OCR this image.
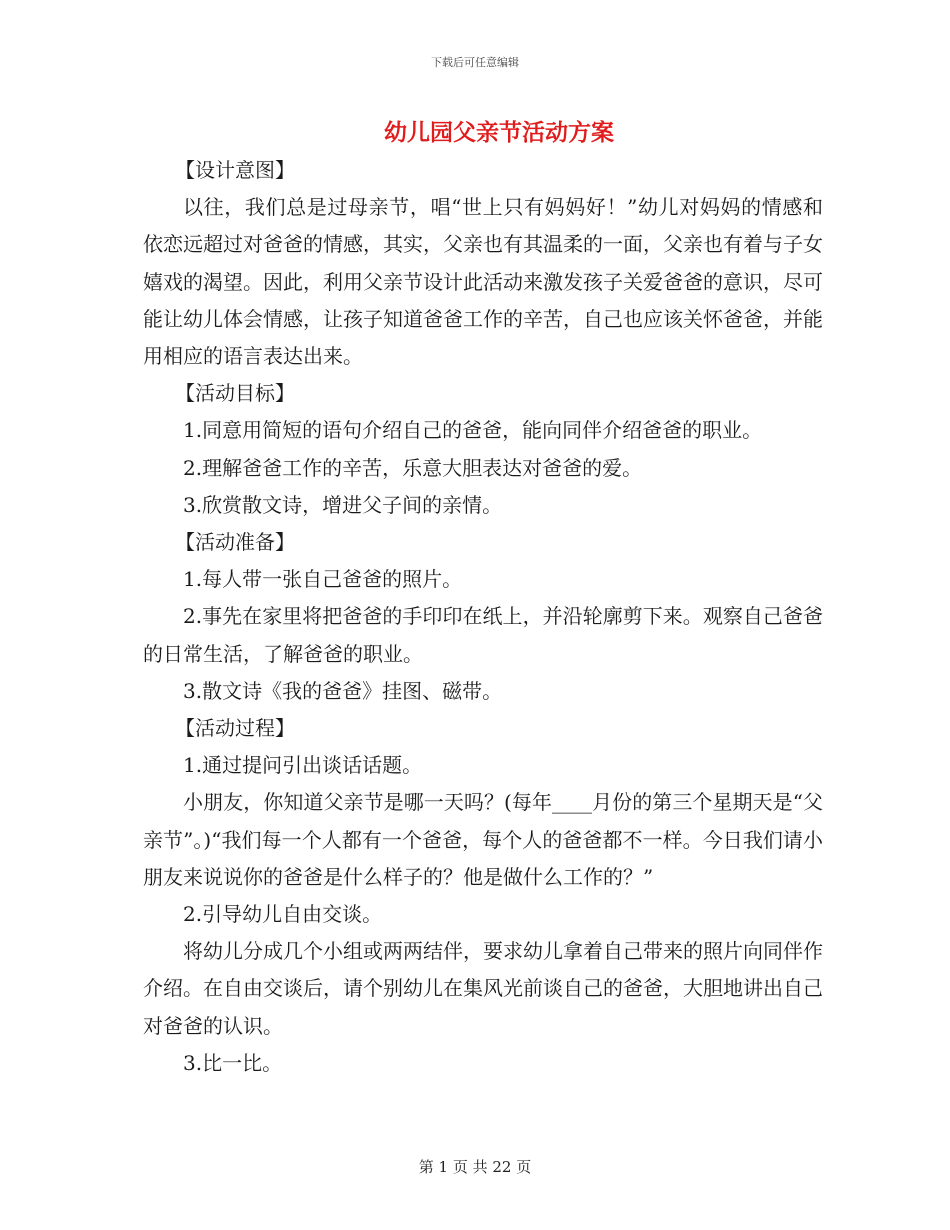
下载后可任意编辑
幼儿园父亲节活动方案

【设计意图】

以往，我们总是过母亲节，唱“世上只有妈妈好！”幼儿对妈妈的情感和依恋远超过对爸爸的情感，其实，父亲也有其温柔的一面，父亲也有着与子女嬉戏的渴望。因此，利用父亲节设计此活动来激发孩子关爱爸爸的意识，尽可能让幼儿体会情感，让孩子知道爸爸工作的辛苦，自己也应该关怀爸爸，并能用相应的语言表达出来。

【活动目标】

1.同意用简短的语句介绍自己的爸爸，能向同伴介绍爸爸的职业。

2.理解爸爸工作的辛苦，乐意大胆表达对爸爸的爱。

3.欣赏散文诗，增进父子间的亲情。

【活动准备】

1.每人带一张自己爸爸的照片。

2.事先在家里将把爸爸的手印印在纸上，并沿轮廓剪下来。观察自己爸爸的日常生活，了解爸爸的职业。

3.散文诗《我的爸爸》挂图、磁带。

【活动过程】

1.通过提问引出谈话话题。

小朋友，你知道父亲节是哪一天吗？(每年____月份的第三个星期天是“父亲节”。)“我们每一个人都有一个爸爸，每个人的爸爸都不一样。今日我们请小朋友来说说你的爸爸是什么样子的？他是做什么工作的？”

2.引导幼儿自由交谈。

将幼儿分成几个小组或两两结伴，要求幼儿拿着自己带来的照片向同伴作介绍。在自由交谈后，请个别幼儿在集风光前谈自己的爸爸，大胆地讲出自己对爸爸的认识。

3.比一比。

第 1 页 共 22 页
